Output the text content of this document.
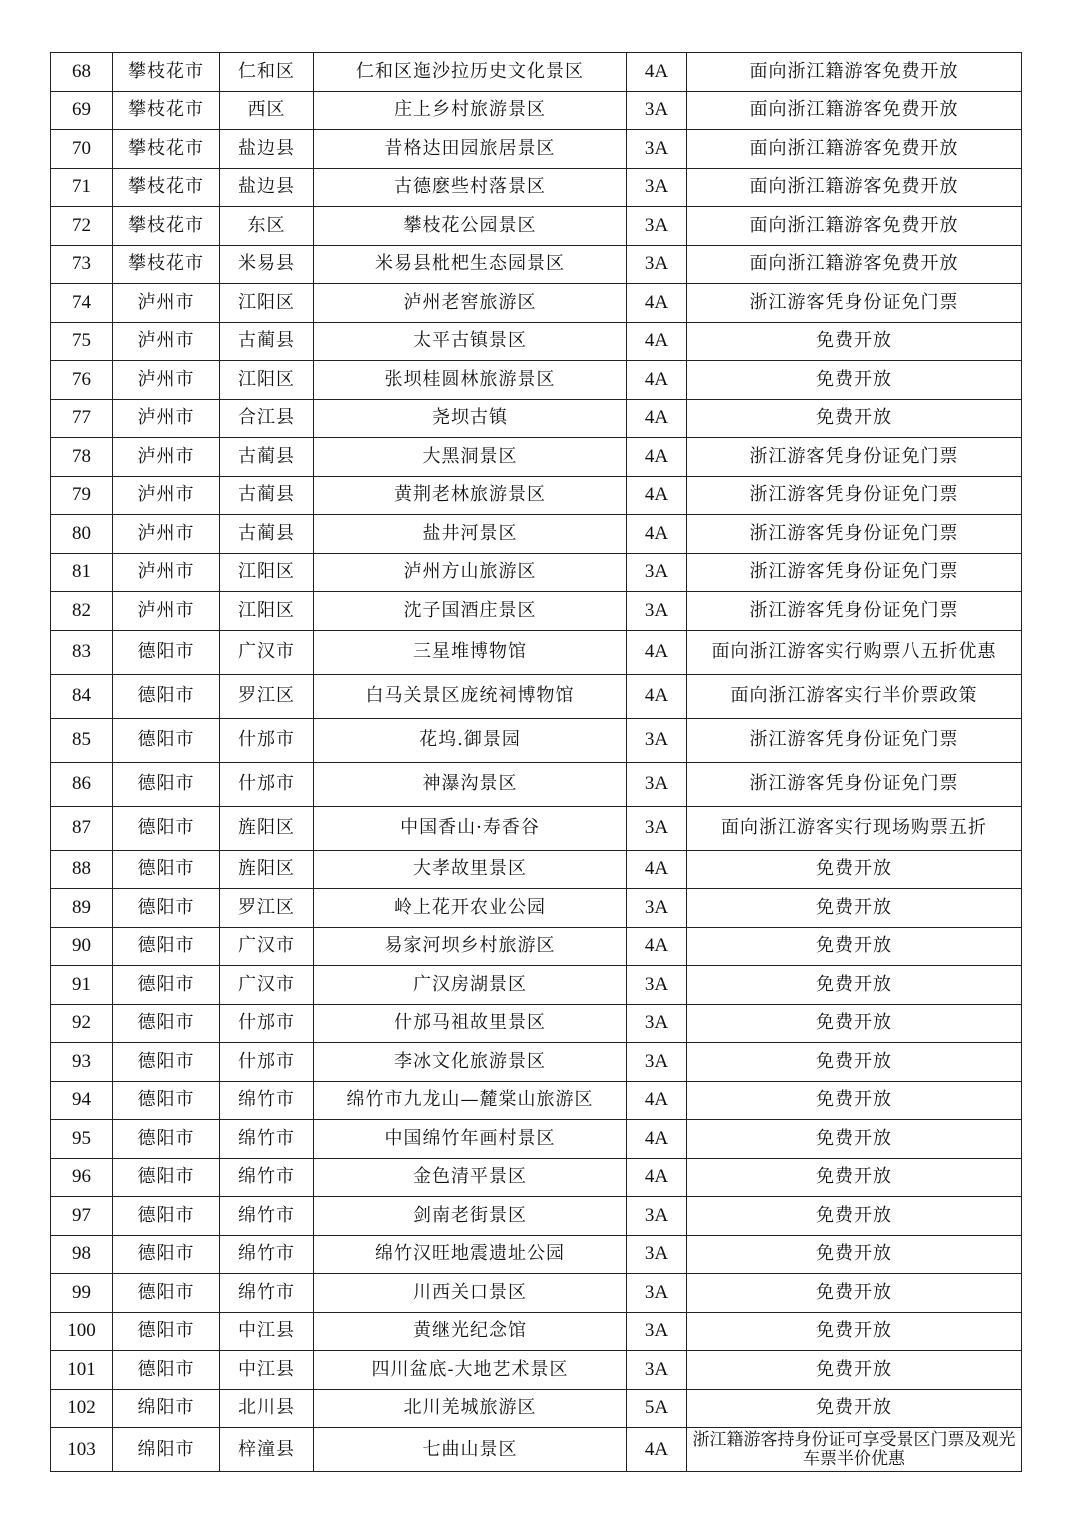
68	攀枝花市	仁和区	仁和区迤沙拉历史文化景区	4A	面向浙江籍游客免费开放
69	攀枝花市	西区	庄上乡村旅游景区	3A	面向浙江籍游客免费开放
70	攀枝花市	盐边县	昔格达田园旅居景区	3A	面向浙江籍游客免费开放
71	攀枝花市	盐边县	古德麽些村落景区	3A	面向浙江籍游客免费开放
72	攀枝花市	东区	攀枝花公园景区	3A	面向浙江籍游客免费开放
73	攀枝花市	米易县	米易县枇杷生态园景区	3A	面向浙江籍游客免费开放
74	泸州市	江阳区	泸州老窖旅游区	4A	浙江游客凭身份证免门票
75	泸州市	古蔺县	太平古镇景区	4A	免费开放
76	泸州市	江阳区	张坝桂圆林旅游景区	4A	免费开放
77	泸州市	合江县	尧坝古镇	4A	免费开放
78	泸州市	古蔺县	大黑洞景区	4A	浙江游客凭身份证免门票
79	泸州市	古蔺县	黄荆老林旅游景区	4A	浙江游客凭身份证免门票
80	泸州市	古蔺县	盐井河景区	4A	浙江游客凭身份证免门票
81	泸州市	江阳区	泸州方山旅游区	3A	浙江游客凭身份证免门票
82	泸州市	江阳区	沈子国酒庄景区	3A	浙江游客凭身份证免门票
83	德阳市	广汉市	三星堆博物馆	4A	面向浙江游客实行购票八五折优惠
84	德阳市	罗江区	白马关景区庞统祠博物馆	4A	面向浙江游客实行半价票政策
85	德阳市	什邡市	花坞.御景园	3A	浙江游客凭身份证免门票
86	德阳市	什邡市	神瀑沟景区	3A	浙江游客凭身份证免门票
87	德阳市	旌阳区	中国香山·寿香谷	3A	面向浙江游客实行现场购票五折
88	德阳市	旌阳区	大孝故里景区	4A	免费开放
89	德阳市	罗江区	岭上花开农业公园	3A	免费开放
90	德阳市	广汉市	易家河坝乡村旅游区	4A	免费开放
91	德阳市	广汉市	广汉房湖景区	3A	免费开放
92	德阳市	什邡市	什邡马祖故里景区	3A	免费开放
93	德阳市	什邡市	李冰文化旅游景区	3A	免费开放
94	德阳市	绵竹市	绵竹市九龙山—麓棠山旅游区	4A	免费开放
95	德阳市	绵竹市	中国绵竹年画村景区	4A	免费开放
96	德阳市	绵竹市	金色清平景区	4A	免费开放
97	德阳市	绵竹市	剑南老街景区	3A	免费开放
98	德阳市	绵竹市	绵竹汉旺地震遗址公园	3A	免费开放
99	德阳市	绵竹市	川西关口景区	3A	免费开放
100	德阳市	中江县	黄继光纪念馆	3A	免费开放
101	德阳市	中江县	四川盆底-大地艺术景区	3A	免费开放
102	绵阳市	北川县	北川羌城旅游区	5A	免费开放
103	绵阳市	梓潼县	七曲山景区	4A	浙江籍游客持身份证可享受景区门票及观光车票半价优惠
